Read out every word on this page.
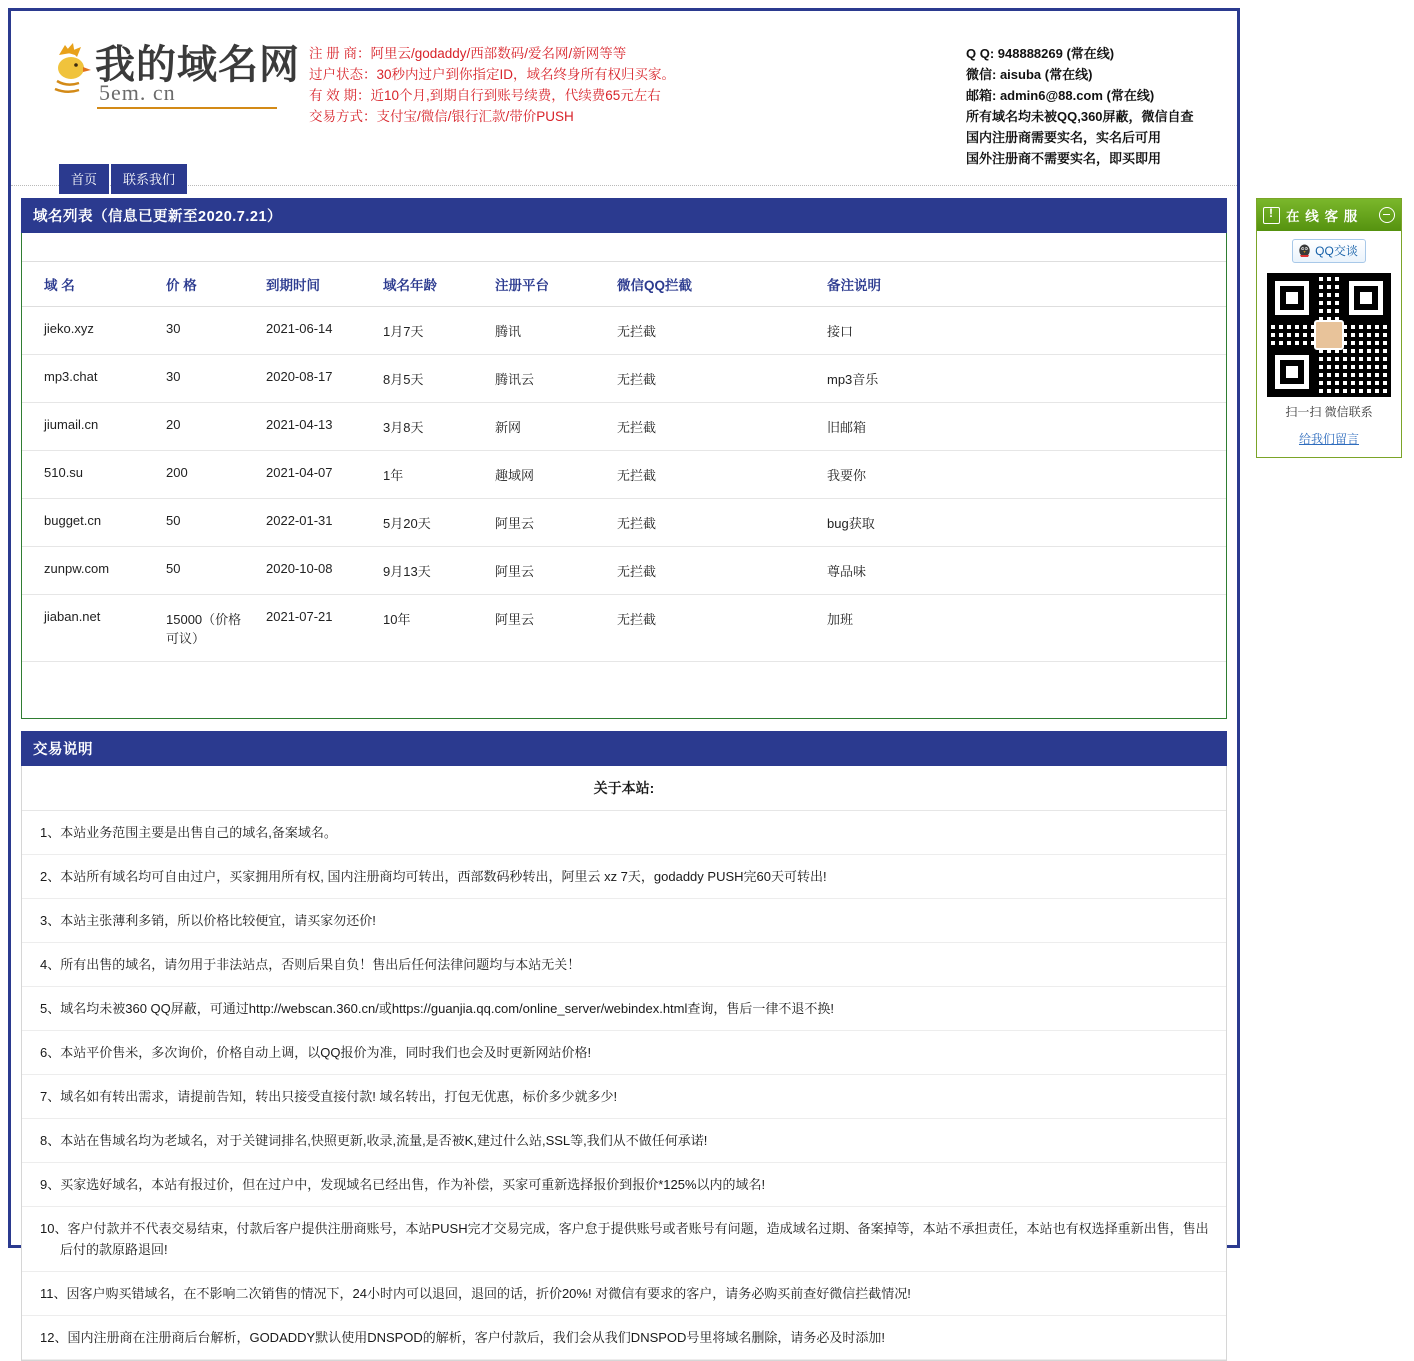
我的域名网
5em. cn
注 册 商：阿里云/godaddy/西部数码/爱名网/新网等等
过户状态：30秒内过户到你指定ID，域名终身所有权归买家。
有 效 期：近10个月,到期自行到账号续费，代续费65元左右
交易方式：支付宝/微信/银行汇款/带价PUSH
Q Q: 948888269 (常在线)
微信: aisuba (常在线)
邮箱: admin6@88.com (常在线)
所有域名均未被QQ,360屏蔽，微信自查
国内注册商需要实名，实名后可用
国外注册商不需要实名，即买即用
首页	联系我们
域名列表（信息已更新至2020.7.21）
域 名	价 格	到期时间	域名年龄	注册平台	微信QQ拦截	备注说明
jieko.xyz	30	2021-06-14	1月7天	腾讯	无拦截	接口
mp3.chat	30	2020-08-17	8月5天	腾讯云	无拦截	mp3音乐
jiumail.cn	20	2021-04-13	3月8天	新网	无拦截	旧邮箱
510.su	200	2021-04-07	1年	趣域网	无拦截	我要你
bugget.cn	50	2022-01-31	5月20天	阿里云	无拦截	bug获取
zunpw.com	50	2020-10-08	9月13天	阿里云	无拦截	尊品味
jiaban.net	15000（价格可议）	2021-07-21	10年	阿里云	无拦截	加班
交易说明
关于本站:
1、本站业务范围主要是出售自己的域名,备案域名。
2、本站所有域名均可自由过户，买家拥用所有权, 国内注册商均可转出，西部数码秒转出，阿里云 xz 7天，godaddy PUSH完60天可转出!
3、本站主张薄利多销，所以价格比较便宜，请买家勿还价!
4、所有出售的域名，请勿用于非法站点，否则后果自负！售出后任何法律问题均与本站无关！
5、域名均未被360 QQ屏蔽，可通过http://webscan.360.cn/或https://guanjia.qq.com/online_server/webindex.html查询，售后一律不退不换!
6、本站平价售米，多次询价，价格自动上调，以QQ报价为准，同时我们也会及时更新网站价格!
7、域名如有转出需求，请提前告知，转出只接受直接付款! 域名转出，打包无优惠，标价多少就多少!
8、本站在售域名均为老域名，对于关键词排名,快照更新,收录,流量,是否被K,建过什么站,SSL等,我们从不做任何承诺!
9、买家选好域名，本站有报过价，但在过户中，发现域名已经出售，作为补偿，买家可重新选择报价到报价*125%以内的域名!
10、客户付款并不代表交易结束，付款后客户提供注册商账号，本站PUSH完才交易完成，客户怠于提供账号或者账号有问题，造成域名过期、备案掉等，本站不承担责任，本站也有权选择重新出售，售出后付的款原路退回!
11、因客户购买错域名，在不影响二次销售的情况下，24小时内可以退回，退回的话，折价20%! 对微信有要求的客户，请务必购买前查好微信拦截情况!
12、国内注册商在注册商后台解析，GODADDY默认使用DNSPOD的解析，客户付款后，我们会从我们DNSPOD号里将域名删除，请务必及时添加!
!
在 线 客 服
QQ交谈
扫一扫 微信联系
给我们留言
